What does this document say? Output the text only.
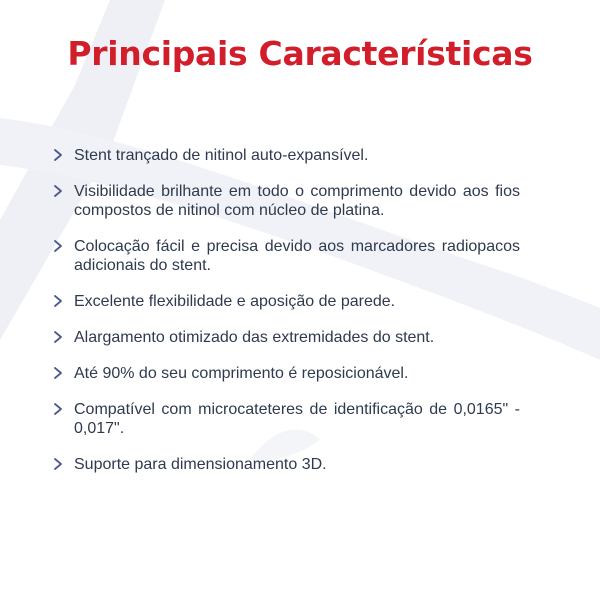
Principais Características
Stent trançado de nitinol auto-expansível.
Visibilidade brilhante em todo o comprimento devido aos fios compostos de nitinol com núcleo de platina.
Colocação fácil e precisa devido aos marcadores radiopacos adicionais do stent.
Excelente flexibilidade e aposição de parede.
Alargamento otimizado das extremidades do stent.
Até 90% do seu comprimento é reposicionável.
Compatível com microcateteres de identificação de 0,0165" - 0,017".
Suporte para dimensionamento 3D.
